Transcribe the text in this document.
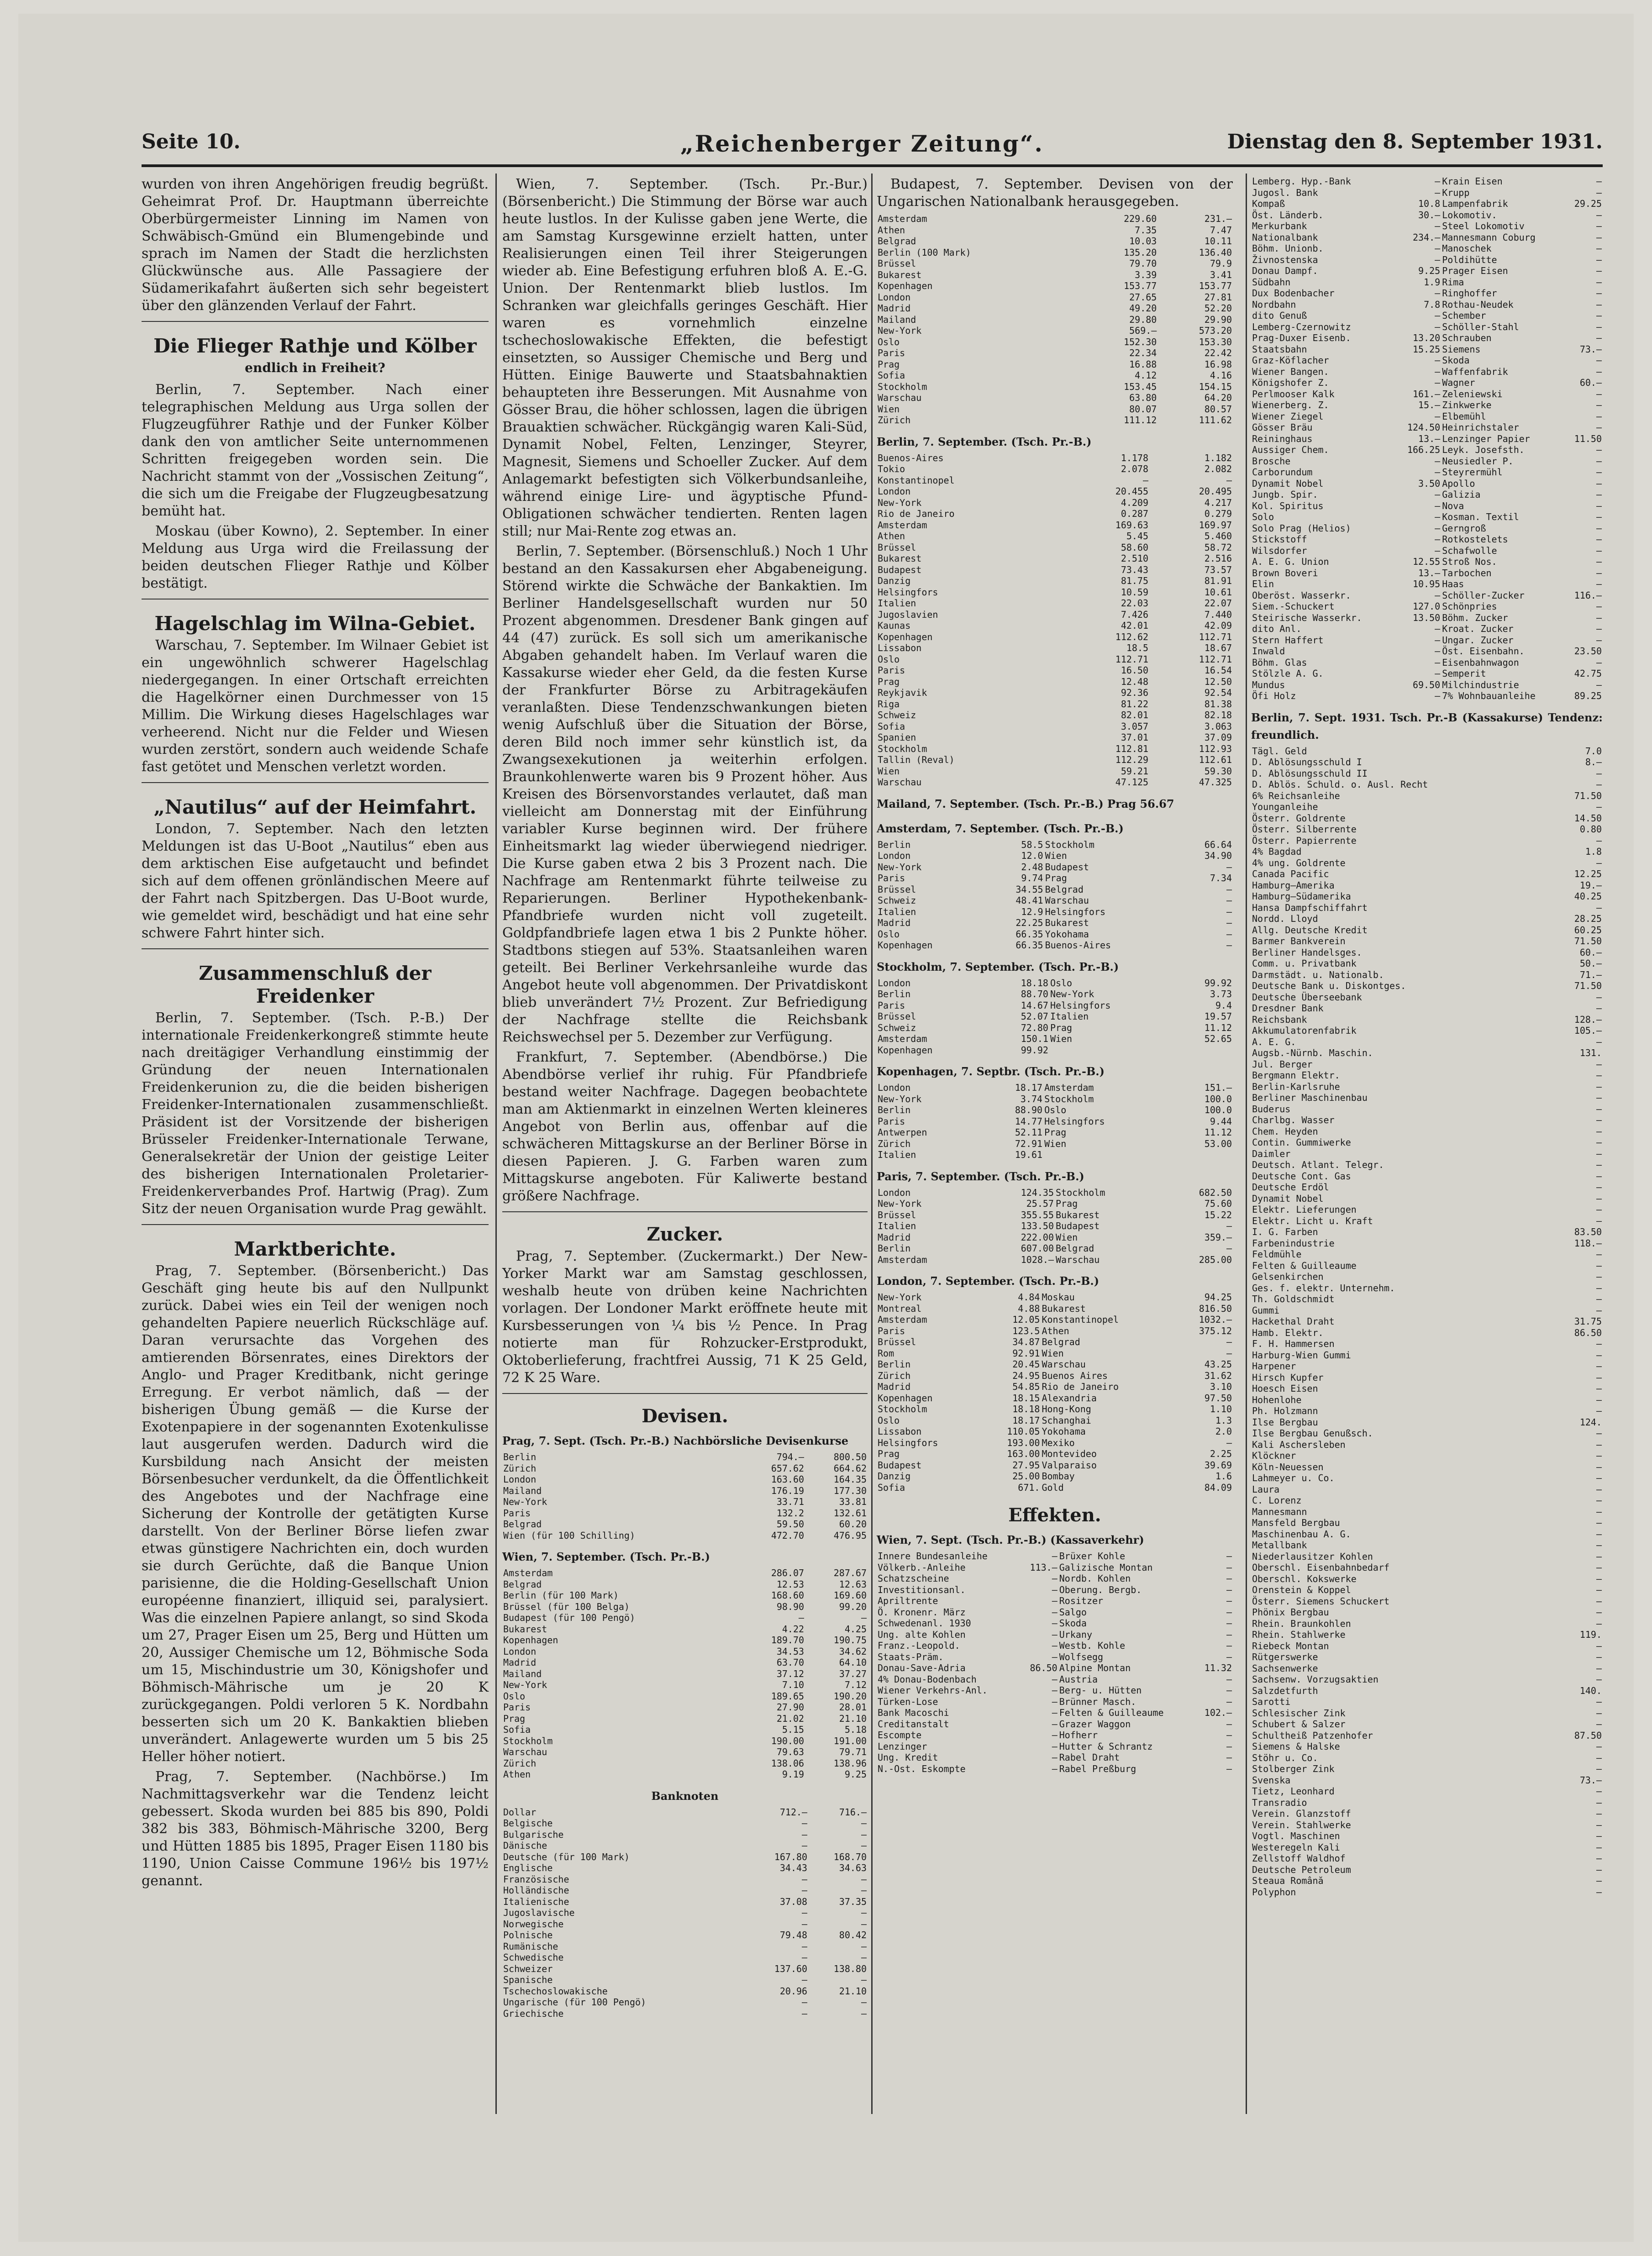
Seite 10.	„Reichenberger Zeitung“.	Dienstag den 8. September 1931.

wurden von ihren Angehörigen freudig begrüßt. Geheimrat Prof. Dr. Hauptmann überreichte Oberbürgermeister Linning im Namen von Schwäbisch-Gmünd ein Blumengebinde und sprach im Namen der Stadt die herzlichsten Glückwünsche aus. Alle Passagiere der Südamerikafahrt äußerten sich sehr begeistert über den glänzenden Verlauf der Fahrt.

Die Flieger Rathje und Kölber
endlich in Freiheit?

Berlin, 7. September. Nach einer telegraphischen Meldung aus Urga sollen der Flugzeugführer Rathje und der Funker Kölber dank den von amtlicher Seite unternommenen Schritten freigegeben worden sein. Die Nachricht stammt von der „Vossischen Zeitung“, die sich um die Freigabe der Flugzeugbesatzung bemüht hat.

Moskau (über Kowno), 2. September. In einer Meldung aus Urga wird die Freilassung der beiden deutschen Flieger Rathje und Kölber bestätigt.

Hagelschlag im Wilna-Gebiet.

Warschau, 7. September. Im Wilnaer Gebiet ist ein ungewöhnlich schwerer Hagelschlag niedergegangen. In einer Ortschaft erreichten die Hagelkörner einen Durchmesser von 15 Millim. Die Wirkung dieses Hagelschlages war verheerend. Nicht nur die Felder und Wiesen wurden zerstört, sondern auch weidende Schafe fast getötet und Menschen verletzt worden.

„Nautilus“ auf der Heimfahrt.

London, 7. September. Nach den letzten Meldungen ist das U-Boot „Nautilus“ eben aus dem arktischen Eise aufgetaucht und befindet sich auf dem offenen grönländischen Meere auf der Fahrt nach Spitzbergen. Das U-Boot wurde, wie gemeldet wird, beschädigt und hat eine sehr schwere Fahrt hinter sich.

Zusammenschluß der Freidenker

Berlin, 7. September. (Tsch. P.-B.) Der internationale Freidenkerkongreß stimmte heute nach dreitägiger Verhandlung einstimmig der Gründung der neuen Internationalen Freidenkerunion zu, die die beiden bisherigen Freidenker-Internationalen zusammenschließt. Präsident ist der Vorsitzende der bisherigen Brüsseler Freidenker-Internationale Terwane, Generalsekretär der Union der geistige Leiter des bisherigen Internationalen Proletarier-Freidenkerverbandes Prof. Hartwig (Prag). Zum Sitz der neuen Organisation wurde Prag gewählt.

Marktberichte.

Prag, 7. September. (Börsenbericht.) Das Geschäft ging heute bis auf den Nullpunkt zurück. Dabei wies ein Teil der wenigen noch gehandelten Papiere neuerlich Rückschläge auf. Daran verursachte das Vorgehen des amtierenden Börsenrates, eines Direktors der Anglo- und Prager Kreditbank, nicht geringe Erregung. Er verbot nämlich, daß — der bisherigen Übung gemäß — die Kurse der Exotenpapiere in der sogenannten Exotenkulisse laut ausgerufen werden. Dadurch wird die Kursbildung nach Ansicht der meisten Börsenbesucher verdunkelt, da die Öffentlichkeit des Angebotes und der Nachfrage eine Sicherung der Kontrolle der getätigten Kurse darstellt. Von der Berliner Börse liefen zwar etwas günstigere Nachrichten ein, doch wurden sie durch Gerüchte, daß die Banque Union parisienne, die die Holding-Gesellschaft Union européenne finanziert, illiquid sei, paralysiert. Was die einzelnen Papiere anlangt, so sind Skoda um 27, Prager Eisen um 25, Berg und Hütten um 20, Aussiger Chemische um 12, Böhmische Soda um 15, Mischindustrie um 30, Königshofer und Böhmisch-Mährische um je 20 K zurückgegangen. Poldi verloren 5 K. Nordbahn besserten sich um 20 K. Bankaktien blieben unverändert. Anlagewerte wurden um 5 bis 25 Heller höher notiert.

Prag, 7. September. (Nachbörse.) Im Nachmittagsverkehr war die Tendenz leicht gebessert. Skoda wurden bei 885 bis 890, Poldi 382 bis 383, Böhmisch-Mährische 3200, Berg und Hütten 1885 bis 1895, Prager Eisen 1180 bis 1190, Union Caisse Commune 196½ bis 197½ genannt.

Wien, 7. September. (Tsch. Pr.-Bur.) (Börsenbericht.) Die Stimmung der Börse war auch heute lustlos. In der Kulisse gaben jene Werte, die am Samstag Kursgewinne erzielt hatten, unter Realisierungen einen Teil ihrer Steigerungen wieder ab. Eine Befestigung erfuhren bloß A. E.-G. Union. Der Rentenmarkt blieb lustlos. Im Schranken war gleichfalls geringes Geschäft. Hier waren es vornehmlich einzelne tschechoslowakische Effekten, die befestigt einsetzten, so Aussiger Chemische und Berg und Hütten. Einige Bauwerte und Staatsbahnaktien behaupteten ihre Besserungen. Mit Ausnahme von Gösser Brau, die höher schlossen, lagen die übrigen Brauaktien schwächer. Rückgängig waren Kali-Süd, Dynamit Nobel, Felten, Lenzinger, Steyrer, Magnesit, Siemens und Schoeller Zucker. Auf dem Anlagemarkt befestigten sich Völkerbundsanleihe, während einige Lire- und ägyptische Pfund-Obligationen schwächer tendierten. Renten lagen still; nur Mai-Rente zog etwas an.

Berlin, 7. September. (Börsenschluß.) Noch 1 Uhr bestand an den Kassakursen eher Abgabeneigung. Störend wirkte die Schwäche der Bankaktien. Im Berliner Handelsgesellschaft wurden nur 50 Prozent abgenommen. Dresdener Bank gingen auf 44 (47) zurück. Es soll sich um amerikanische Abgaben gehandelt haben. Im Verlauf waren die Kassakurse wieder eher Geld, da die festen Kurse der Frankfurter Börse zu Arbitragekäufen veranlaßten. Diese Tendenzschwankungen bieten wenig Aufschluß über die Situation der Börse, deren Bild noch immer sehr künstlich ist, da Zwangsexekutionen ja weiterhin erfolgen. Braunkohlenwerte waren bis 9 Prozent höher. Aus Kreisen des Börsenvorstandes verlautet, daß man vielleicht am Donnerstag mit der Einführung variabler Kurse beginnen wird. Der frühere Einheitsmarkt lag wieder überwiegend niedriger. Die Kurse gaben etwa 2 bis 3 Prozent nach. Die Nachfrage am Rentenmarkt führte teilweise zu Reparierungen. Berliner Hypothekenbank-Pfandbriefe wurden nicht voll zugeteilt. Goldpfandbriefe lagen etwa 1 bis 2 Punkte höher. Stadtbons stiegen auf 53%. Staatsanleihen waren geteilt. Bei Berliner Verkehrsanleihe wurde das Angebot heute voll abgenommen. Der Privatdiskont blieb unverändert 7½ Prozent. Zur Befriedigung der Nachfrage stellte die Reichsbank Reichswechsel per 5. Dezember zur Verfügung.

Frankfurt, 7. September. (Abendbörse.) Die Abendbörse verlief ihr ruhig. Für Pfandbriefe bestand weiter Nachfrage. Dagegen beobachtete man am Aktienmarkt in einzelnen Werten kleineres Angebot von Berlin aus, offenbar auf die schwächeren Mittagskurse an der Berliner Börse in diesen Papieren. J. G. Farben waren zum Mittagskurse angeboten. Für Kaliwerte bestand größere Nachfrage.

Zucker.

Prag, 7. September. (Zuckermarkt.) Der New-Yorker Markt war am Samstag geschlossen, weshalb heute von drüben keine Nachrichten vorlagen. Der Londoner Markt eröffnete heute mit Kursbesserungen von ¼ bis ½ Pence. In Prag notierte man für Rohzucker-Erstprodukt, Oktoberlieferung, frachtfrei Aussig, 71 K 25 Geld, 72 K 25 Ware.

Devisen.
Prag, 7. Sept. (Tsch. Pr.-B.) Nachbörsliche Devisenkurse
Berlin	794.—	800.50
Zürich	657.62	664.62
London	163.60	164.35
Mailand	176.19	177.30
New-York	33.71	33.81
Paris	132.2	132.61
Belgrad	59.50	60.20
Wien (für 100 Schilling)	472.70	476.95
Wien, 7. September. (Tsch. Pr.-B.)
Amsterdam	286.07	287.67
Belgrad	12.53	12.63
Berlin (für 100 Mark)	168.60	169.60
Brüssel (für 100 Belga)	98.90	99.20
Budapest (für 100 Pengö)	—	—
Bukarest	4.22	4.25
Kopenhagen	189.70	190.75
London	34.53	34.62
Madrid	63.70	64.10
Mailand	37.12	37.27
New-York	7.10	7.12
Oslo	189.65	190.20
Paris	27.90	28.01
Prag	21.02	21.10
Sofia	5.15	5.18
Stockholm	190.00	191.00
Warschau	79.63	79.71
Zürich	138.06	138.96
Athen	9.19	9.25
Banknoten
Dollar	712.—	716.—
Belgische	—	—
Bulgarische	—	—
Dänische	—	—
Deutsche (für 100 Mark)	167.80	168.70
Englische	34.43	34.63
Französische	—	—
Holländische	—	—
Italienische	37.08	37.35
Jugoslavische	—	—
Norwegische	—	—
Polnische	79.48	80.42
Rumänische	—	—
Schwedische	—	—
Schweizer	137.60	138.80
Spanische	—	—
Tschechoslowakische	20.96	21.10
Ungarische (für 100 Pengö)	—	—
Griechische	—	—

Budapest, 7. September. Devisen von der Ungarischen Nationalbank herausgegeben.

Amsterdam	229.60	231.—
Athen	7.35	7.47
Belgrad	10.03	10.11
Berlin (100 Mark)	135.20	136.40
Brüssel	79.70	79.9
Bukarest	3.39	3.41
Kopenhagen	153.77	153.77
London	27.65	27.81
Madrid	49.20	52.20
Mailand	29.80	29.90
New-York	569.—	573.20
Oslo	152.30	153.30
Paris	22.34	22.42
Prag	16.88	16.98
Sofia	4.12	4.16
Stockholm	153.45	154.15
Warschau	63.80	64.20
Wien	80.07	80.57
Zürich	111.12	111.62
Berlin, 7. September. (Tsch. Pr.-B.)
Buenos-Aires	1.178	1.182
Tokio	2.078	2.082
Konstantinopel	—	—
London	20.455	20.495
New-York	4.209	4.217
Rio de Janeiro	0.287	0.279
Amsterdam	169.63	169.97
Athen	5.45	5.460
Brüssel	58.60	58.72
Bukarest	2.510	2.516
Budapest	73.43	73.57
Danzig	81.75	81.91
Helsingfors	10.59	10.61
Italien	22.03	22.07
Jugoslavien	7.426	7.440
Kaunas	42.01	42.09
Kopenhagen	112.62	112.71
Lissabon	18.5	18.67
Oslo	112.71	112.71
Paris	16.50	16.54
Prag	12.48	12.50
Reykjavik	92.36	92.54
Riga	81.22	81.38
Schweiz	82.01	82.18
Sofia	3.057	3.063
Spanien	37.01	37.09
Stockholm	112.81	112.93
Tallin (Reval)	112.29	112.61
Wien	59.21	59.30
Warschau	47.125	47.325
Mailand, 7. September. (Tsch. Pr.-B.) Prag 56.67
Amsterdam, 7. September. (Tsch. Pr.-B.)
Berlin	58.5	Stockholm	66.64
London	12.0	Wien	34.90
New-York	2.48	Budapest	—
Paris	9.74	Prag	7.34
Brüssel	34.55	Belgrad	—
Schweiz	48.41	Warschau	—
Italien	12.9	Helsingfors	—
Madrid	22.25	Bukarest	—
Oslo	66.35	Yokohama	—
Kopenhagen	66.35	Buenos-Aires	—
Stockholm, 7. September. (Tsch. Pr.-B.)
London	18.18	Oslo	99.92
Berlin	88.70	New-York	3.73
Paris	14.67	Helsingfors	9.4
Brüssel	52.07	Italien	19.57
Schweiz	72.80	Prag	11.12
Amsterdam	150.1	Wien	52.65
Kopenhagen	99.92		
Kopenhagen, 7. Septbr. (Tsch. Pr.-B.)
London	18.17	Amsterdam	151.—
New-York	3.74	Stockholm	100.0
Berlin	88.90	Oslo	100.0
Paris	14.77	Helsingfors	9.44
Antwerpen	52.11	Prag	11.12
Zürich	72.91	Wien	53.00
Italien	19.61		
Paris, 7. September. (Tsch. Pr.-B.)
London	124.35	Stockholm	682.50
New-York	25.57	Prag	75.60
Brüssel	355.55	Bukarest	15.22
Italien	133.50	Budapest	—
Madrid	222.00	Wien	359.—
Berlin	607.00	Belgrad	—
Amsterdam	1028.—	Warschau	285.00
London, 7. September. (Tsch. Pr.-B.)
New-York	4.84	Moskau	94.25
Montreal	4.88	Bukarest	816.50
Amsterdam	12.05	Konstantinopel	1032.—
Paris	123.5	Athen	375.12
Brüssel	34.87	Belgrad	—
Rom	92.91	Wien	—
Berlin	20.45	Warschau	43.25
Zürich	24.95	Buenos Aires	31.62
Madrid	54.85	Rio de Janeiro	3.10
Kopenhagen	18.15	Alexandria	97.50
Stockholm	18.18	Hong-Kong	1.10
Oslo	18.17	Schanghai	1.3
Lissabon	110.05	Yokohama	2.0
Helsingfors	193.00	Mexiko	—
Prag	163.00	Montevideo	2.25
Budapest	27.95	Valparaiso	39.69
Danzig	25.00	Bombay	1.6
Sofia	671.	Gold	84.09
Effekten.
Wien, 7. Sept. (Tsch. Pr.-B.) (Kassaverkehr)
Innere Bundesanleihe	—	Brüxer Kohle	—
Völkerb.-Anleihe	113.—	Galizische Montan	—
Schatzscheine	—	Nordb. Kohlen	—
Investitionsanl.	—	Oberung. Bergb.	—
Apriltrente	—	Rositzer	—
Ö. Kronenr. März	—	Salgo	—
Schwedenanl. 1930	—	Skoda	—
Ung. alte Kohlen	—	Urkany	—
Franz.-Leopold.	—	Westb. Kohle	—
Staats-Präm.	—	Wolfsegg	—
Donau-Save-Adria	86.50	Alpine Montan	11.32
4% Donau-Bodenbach	—	Austria	—
Wiener Verkehrs-Anl.	—	Berg- u. Hütten	—
Türken-Lose	—	Brünner Masch.	—
Bank Macoschi	—	Felten & Guilleaume	102.—
Creditanstalt	—	Grazer Waggon	—
Escompte	—	Hofherr	—
Lenzinger	—	Hutter & Schrantz	—
Ung. Kredit	—	Rabel Draht	—
N.-Ost. Eskompte	—	Rabel Preßburg	—
Lemberg. Hyp.-Bank	—	Krain Eisen	—
Jugosl. Bank	—	Krupp	—
Kompaß	10.8	Lampenfabrik	29.25
Öst. Länderb.	30.—	Lokomotiv.	—
Merkurbank	—	Steel Lokomotiv	—
Nationalbank	234.—	Mannesmann Coburg	—
Böhm. Unionb.	—	Manoschek	—
Živnostenska	—	Poldihütte	—
Donau Dampf.	9.25	Prager Eisen	—
Südbahn	1.9	Rima	—
Dux Bodenbacher	—	Ringhoffer	—
Nordbahn	7.8	Rothau-Neudek	—
dito Genuß	—	Schember	—
Lemberg-Czernowitz	—	Schöller-Stahl	—
Prag-Duxer Eisenb.	13.20	Schrauben	—
Staatsbahn	15.25	Siemens	73.—
Graz-Köflacher	—	Skoda	—
Wiener Bangen.	—	Waffenfabrik	—
Königshofer Z.	—	Wagner	60.—
Perlmooser Kalk	161.—	Zeleniewski	—
Wienerberg. Z.	15.—	Zinkwerke	—
Wiener Ziegel	—	Elbemühl	—
Gösser Bräu	124.50	Heinrichstaler	—
Reininghaus	13.—	Lenzinger Papier	11.50
Aussiger Chem.	166.25	Leyk. Josefsth.	—
Brosche	—	Neusiedler P.	—
Carborundum	—	Steyrermühl	—
Dynamit Nobel	3.50	Apollo	—
Jungb. Spir.	—	Galizia	—
Kol. Spiritus	—	Nova	—
Solo	—	Kosman. Textil	—
Solo Prag (Helios)	—	Gerngroß	—
Stickstoff	—	Rotkostelets	—
Wilsdorfer	—	Schafwolle	—
A. E. G. Union	12.55	Stroß Nos.	—
Brown Boveri	13.—	Tarbochen	—
Elin	10.95	Haas	—
Oberöst. Wasserkr.	—	Schöller-Zucker	116.—
Siem.-Schuckert	127.0	Schönpries	—
Steirische Wasserkr.	13.50	Böhm. Zucker	—
dito Anl.	—	Kroat. Zucker	—
Stern Haffert	—	Ungar. Zucker	—
Inwald	—	Öst. Eisenbahn.	23.50
Böhm. Glas	—	Eisenbahnwagon	—
Stölzle A. G.	—	Semperit	42.75
Mundus	69.50	Milchindustrie	—
Öfi Holz	—	7% Wohnbauanleihe	89.25
Berlin, 7. Sept. 1931. Tsch. Pr.-B (Kassakurse) Tendenz: freundlich.
Tägl. Geld	7.0
D. Ablösungsschuld I	8.—
D. Ablösungsschuld II	—
D. Ablös. Schuld. o. Ausl. Recht	—
6% Reichsanleihe	71.50
Younganleihe	—
Österr. Goldrente	14.50
Österr. Silberrente	0.80
Österr. Papierrente	—
4% Bagdad	1.8
4% ung. Goldrente	—
Canada Pacific	12.25
Hamburg—Amerika	19.—
Hamburg—Südamerika	40.25
Hansa Dampfschiffahrt	—
Nordd. Lloyd	28.25
Allg. Deutsche Kredit	60.25
Barmer Bankverein	71.50
Berliner Handelsges.	60.—
Comm. u. Privatbank	50.—
Darmstädt. u. Nationalb.	71.—
Deutsche Bank u. Diskontges.	71.50
Deutsche Überseebank	—
Dresdner Bank	—
Reichsbank	128.—
Akkumulatorenfabrik	105.—
A. E. G.	—
Augsb.-Nürnb. Maschin.	131.
Jul. Berger	—
Bergmann Elektr.	—
Berlin-Karlsruhe	—
Berliner Maschinenbau	—
Buderus	—
Charlbg. Wasser	—
Chem. Heyden	—
Contin. Gummiwerke	—
Daimler	—
Deutsch. Atlant. Telegr.	—
Deutsche Cont. Gas	—
Deutsche Erdöl	—
Dynamit Nobel	—
Elektr. Lieferungen	—
Elektr. Licht u. Kraft	—
I. G. Farben	83.50
Farbenindustrie	118.—
Feldmühle	—
Felten & Guilleaume	—
Gelsenkirchen	—
Ges. f. elektr. Unternehm.	—
Th. Goldschmidt	—
Gummi	—
Hackethal Draht	31.75
Hamb. Elektr.	86.50
F. H. Hammersen	—
Harburg-Wien Gummi	—
Harpener	—
Hirsch Kupfer	—
Hoesch Eisen	—
Hohenlohe	—
Ph. Holzmann	—
Ilse Bergbau	124.
Ilse Bergbau Genußsch.	—
Kali Aschersleben	—
Klöckner	—
Köln-Neuessen	—
Lahmeyer u. Co.	—
Laura	—
C. Lorenz	—
Mannesmann	—
Mansfeld Bergbau	—
Maschinenbau A. G.	—
Metallbank	—
Niederlausitzer Kohlen	—
Oberschl. Eisenbahnbedarf	—
Oberschl. Kokswerke	—
Orenstein & Koppel	—
Österr. Siemens Schuckert	—
Phönix Bergbau	—
Rhein. Braunkohlen	—
Rhein. Stahlwerke	119.
Riebeck Montan	—
Rütgerswerke	—
Sachsenwerke	—
Sachsenw. Vorzugsaktien	—
Salzdetfurth	140.
Sarotti	—
Schlesischer Zink	—
Schubert & Salzer	—
Schultheiß Patzenhofer	87.50
Siemens & Halske	—
Stöhr u. Co.	—
Stolberger Zink	—
Svenska	73.—
Tietz, Leonhard	—
Transradio	—
Verein. Glanzstoff	—
Verein. Stahlwerke	—
Vogtl. Maschinen	—
Westeregeln Kali	—
Zellstoff Waldhof	—
Deutsche Petroleum	—
Steaua Română	—
Polyphon	—
